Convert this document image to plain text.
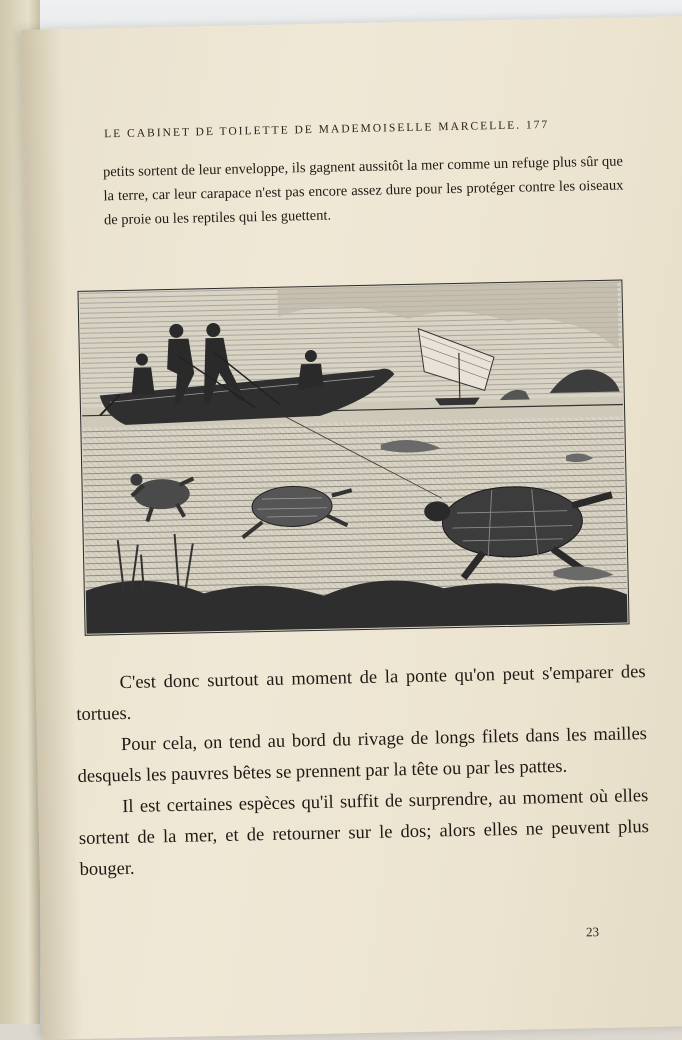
LE CABINET DE TOILETTE DE MADEMOISELLE MARCELLE. 177
petits sortent de leur enveloppe, ils gagnent aussitôt la mer comme un refuge plus sûr que la terre, car leur carapace n'est pas encore assez dure pour les protéger contre les oiseaux de proie ou les reptiles qui les guettent.

C'est donc surtout au moment de la ponte qu'on peut s'emparer des tortues.

Pour cela, on tend au bord du rivage de longs filets dans les mailles desquels les pauvres bêtes se prennent par la tête ou par les pattes.

Il est certaines espèces qu'il suffit de surprendre, au moment où elles sortent de la mer, et de retourner sur le dos; alors elles ne peuvent plus bouger.

23
